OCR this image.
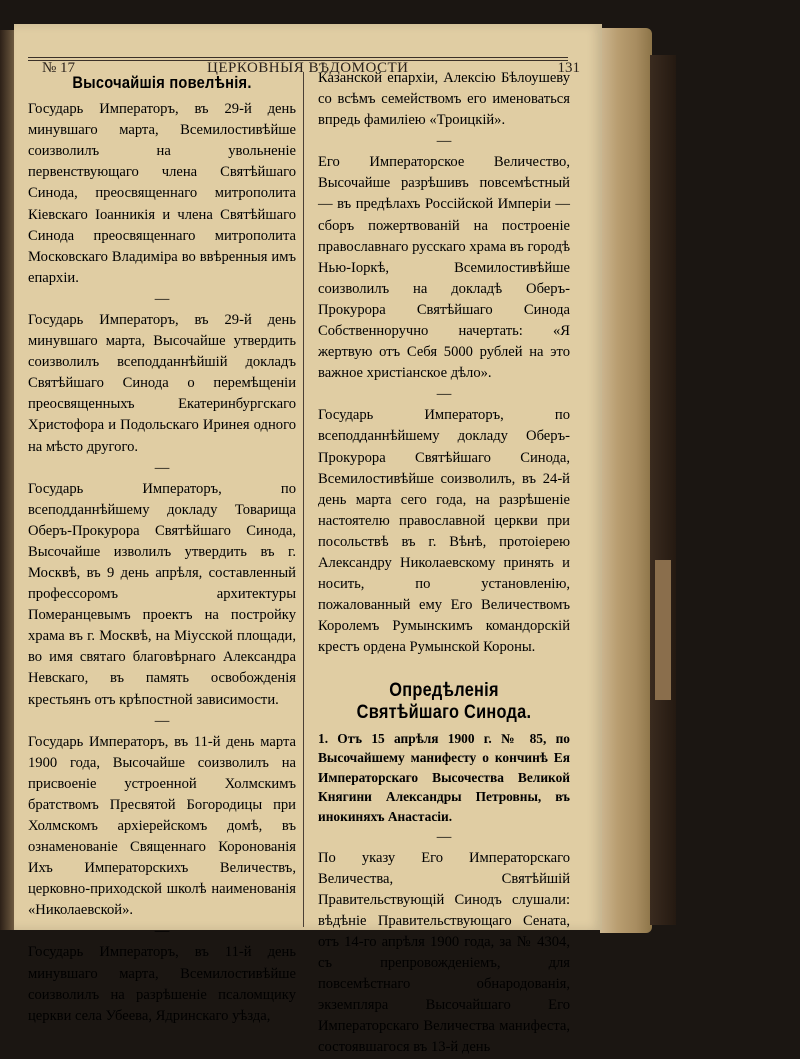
№ 17	ЦЕРКОВНЫЯ ВѢДОМОСТИ	131
Высочайшія повелѣнія.

Государь Императоръ, въ 29-й день минувшаго марта, Всемилостивѣйше соизволилъ на увольненіе первенствующаго члена Святѣйшаго Синода, преосвященнаго митрополита Кіевскаго Іоанникія и члена Святѣйшаго Синода преосвященнаго митрополита Московскаго Владиміра во ввѣренныя имъ епархіи.

—

Государь Императоръ, въ 29-й день минувшаго марта, Высочайше утвердить соизволилъ всеподданнѣйшій докладъ Святѣйшаго Синода о перемѣщеніи преосвященныхъ Екатеринбургскаго Христофора и Подольскаго Иринея одного на мѣсто другого.

—

Государь Императоръ, по всеподданнѣйшему докладу Товарища Оберъ-Прокурора Святѣйшаго Синода, Высочайше изволилъ утвердить въ г. Москвѣ, въ 9 день апрѣля, составленный профессоромъ архитектуры Померанцевымъ проектъ на постройку храма въ г. Москвѣ, на Міусской площади, во имя святаго благовѣрнаго Александра Невскаго, въ память освобожденія крестьянъ отъ крѣпостной зависимости.

—

Государь Императоръ, въ 11-й день марта 1900 года, Высочайше соизволилъ на присвоеніе устроенной Холмскимъ братствомъ Пресвятой Богородицы при Холмскомъ архіерейскомъ домѣ, въ ознаменованіе Священнаго Коронованія Ихъ Императорскихъ Величествъ, церковно-приходской школѣ наименованія «Николаевской».

—

Государь Императоръ, въ 11-й день минувшаго марта, Всемилостивѣйше соизволилъ на разрѣшеніе псаломщику церкви села Убеева, Ядринскаго уѣзда,

Казанской епархіи, Алексію Бѣлоушеву со всѣмъ семействомъ его именоваться впредь фамиліею «Троицкій».

—

Его Императорское Величество, Высочайше разрѣшивъ повсемѣстный — въ предѣлахъ Россійской Имперіи — сборъ пожертвованій на построеніе православнаго русскаго храма въ городѣ Нью-Іоркѣ, Всемилостивѣйше соизволилъ на докладѣ Оберъ-Прокурора Святѣйшаго Синода Собственноручно начертать: «Я жертвую отъ Себя 5000 рублей на это важное христіанское дѣло».

—

Государь Императоръ, по всеподданнѣйшему докладу Оберъ-Прокурора Святѣйшаго Синода, Всемилостивѣйше соизволилъ, въ 24-й день марта сего года, на разрѣшеніе настоятелю православной церкви при посольствѣ въ г. Вѣнѣ, протоіерею Александру Николаевскому принять и носить, по установленію, пожалованный ему Его Величествомъ Королемъ Румынскимъ командорскій крестъ ордена Румынской Короны.

Опредѣленія Святѣйшаго Синода.

1. Отъ 15 апрѣля 1900 г. № 85, по Высочайшему манифесту о кончинѣ Ея Императорскаго Высочества Великой Княгини Александры Петровны, въ инокиняхъ Анастасіи.

—

По указу Его Императорскаго Величества, Святѣйшій Правительствующій Синодъ слушали: вѣдѣніе Правительствующаго Сената, отъ 14-го апрѣля 1900 года, за № 4304, съ препровожденіемъ, для повсемѣстнаго обнародованія, экземпляра Высочайшаго Его Императорскаго Величества манифеста, состоявшагося въ 13-й день
